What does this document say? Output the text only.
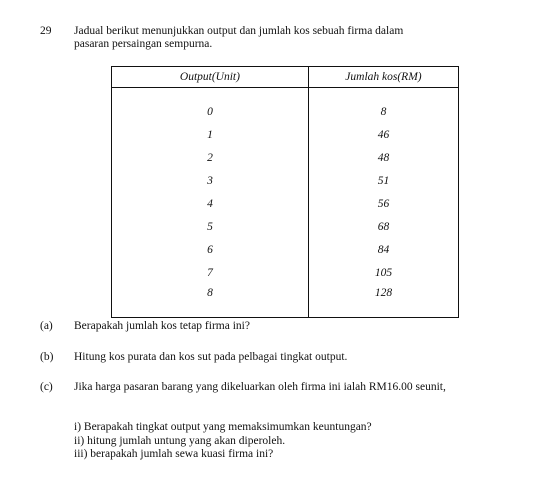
29 Jadual berikut menunjukkan output dan jumlah kos sebuah firma dalam
pasaran persaingan sempurna.
Output(Unit)	Jumlah kos(RM)

0	8
1	46
2	48
3	51
4	56
5	68
6	84
7	105
8	128
(a) Berapakah jumlah kos tetap firma ini?
(b) Hitung kos purata dan kos sut pada pelbagai tingkat output.
(c) Jika harga pasaran barang yang dikeluarkan oleh firma ini ialah RM16.00 seunit,
i) Berapakah tingkat output yang memaksimumkan keuntungan?
ii) hitung jumlah untung yang akan diperoleh.
iii) berapakah jumlah sewa kuasi firma ini?
